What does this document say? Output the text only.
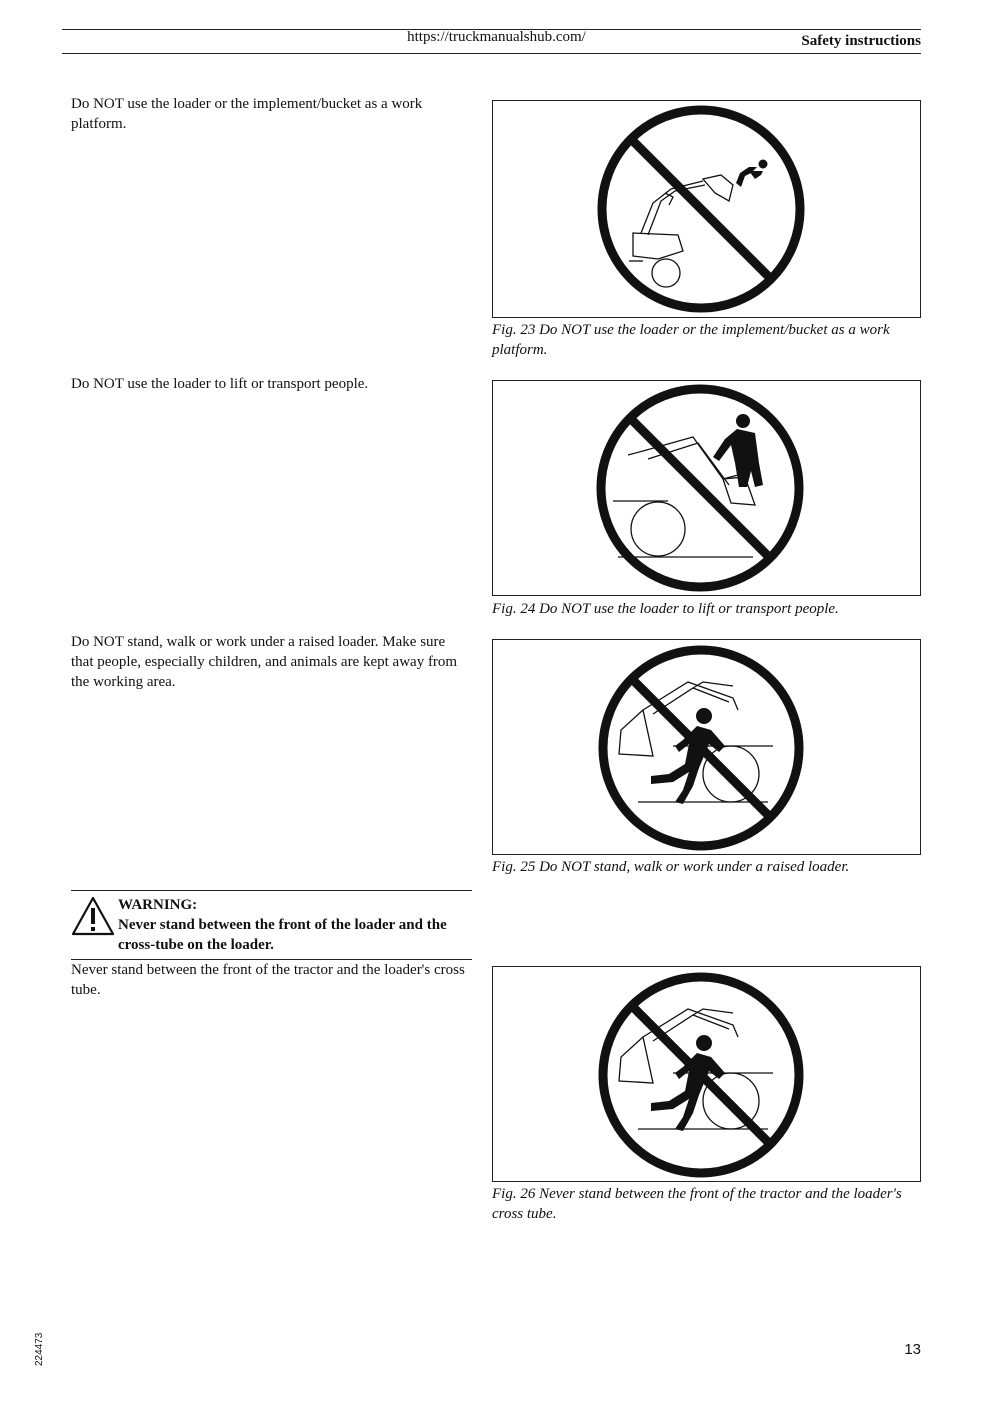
https://truckmanualshub.com/	Safety instructions
Do NOT use the loader or the implement/bucket as a work platform.
Fig. 23 Do NOT use the loader or the implement/bucket as a work platform.
Do NOT use the loader to lift or transport people.
Fig. 24 Do NOT use the loader to lift or transport people.
Do NOT stand, walk or work under a raised loader. Make sure that people, especially children, and animals are kept away from the working area.
Fig. 25 Do NOT stand, walk or work under a raised loader.
WARNING:
Never stand between the front of the loader and the cross-tube on the loader.
Never stand between the front of the tractor and the loader's cross tube.
Fig. 26 Never stand between the front of the tractor and the loader's cross tube.
224473	13
